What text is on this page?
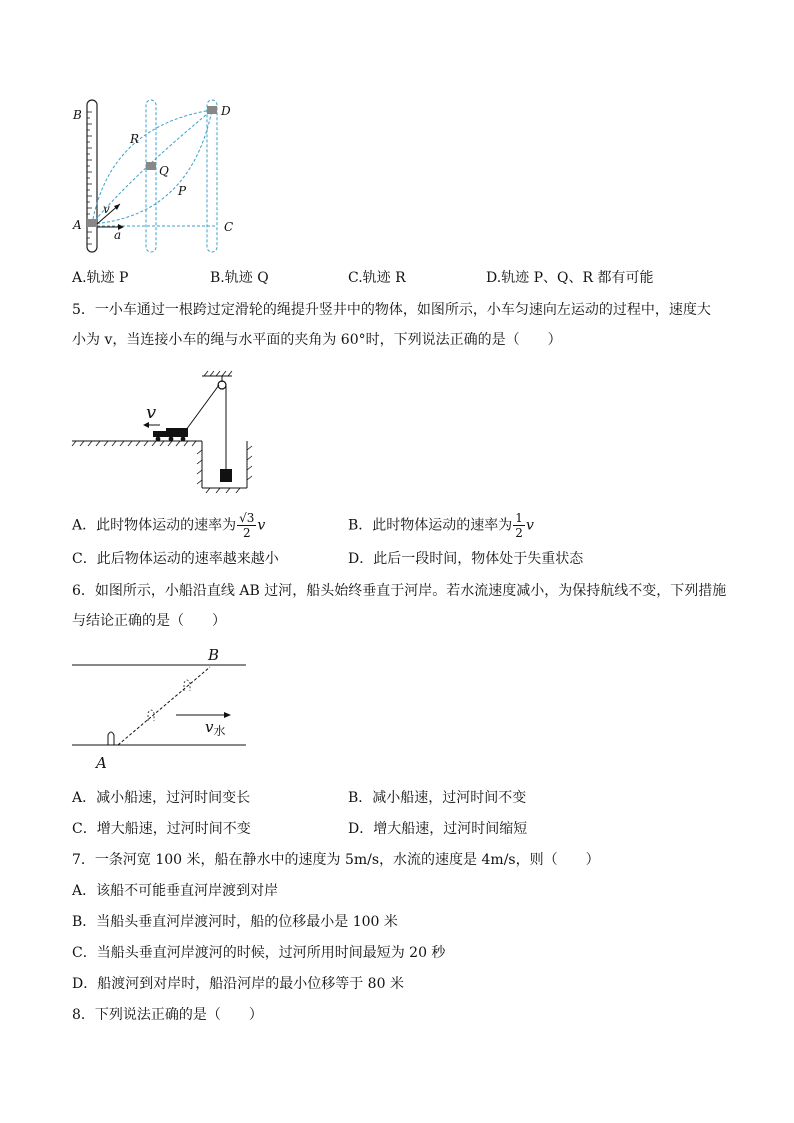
B
R
D
Q
P
v
A
a
C
A.轨迹 P	B.轨迹 Q	C.轨迹 R	D.轨迹 P、Q、R 都有可能
5．一小车通过一根跨过定滑轮的绳提升竖井中的物体，如图所示，小车匀速向左运动的过程中，速度大
小为 v，当连接小车的绳与水平面的夹角为 60°时，下列说法正确的是（　　）
v
A．此时物体运动的速率为 $\frac{√3}{2}$ v	B．此时物体运动的速率为 $\frac{1}{2}$ v
C．此后物体运动的速率越来越小	D．此后一段时间，物体处于失重状态
6．如图所示，小船沿直线 AB 过河，船头始终垂直于河岸。若水流速度减小，为保持航线不变，下列措施
与结论正确的是（　　）
B
A
$v_水$
A．减小船速，过河时间变长	B．减小船速，过河时间不变
C．增大船速，过河时间不变	D．增大船速，过河时间缩短
7．一条河宽 100 米，船在静水中的速度为 5m/s，水流的速度是 4m/s，则（　　）
A．该船不可能垂直河岸渡到对岸
B．当船头垂直河岸渡河时，船的位移最小是 100 米
C．当船头垂直河岸渡河的时候，过河所用时间最短为 20 秒
D．船渡河到对岸时，船沿河岸的最小位移等于 80 米
8．下列说法正确的是（　　）
